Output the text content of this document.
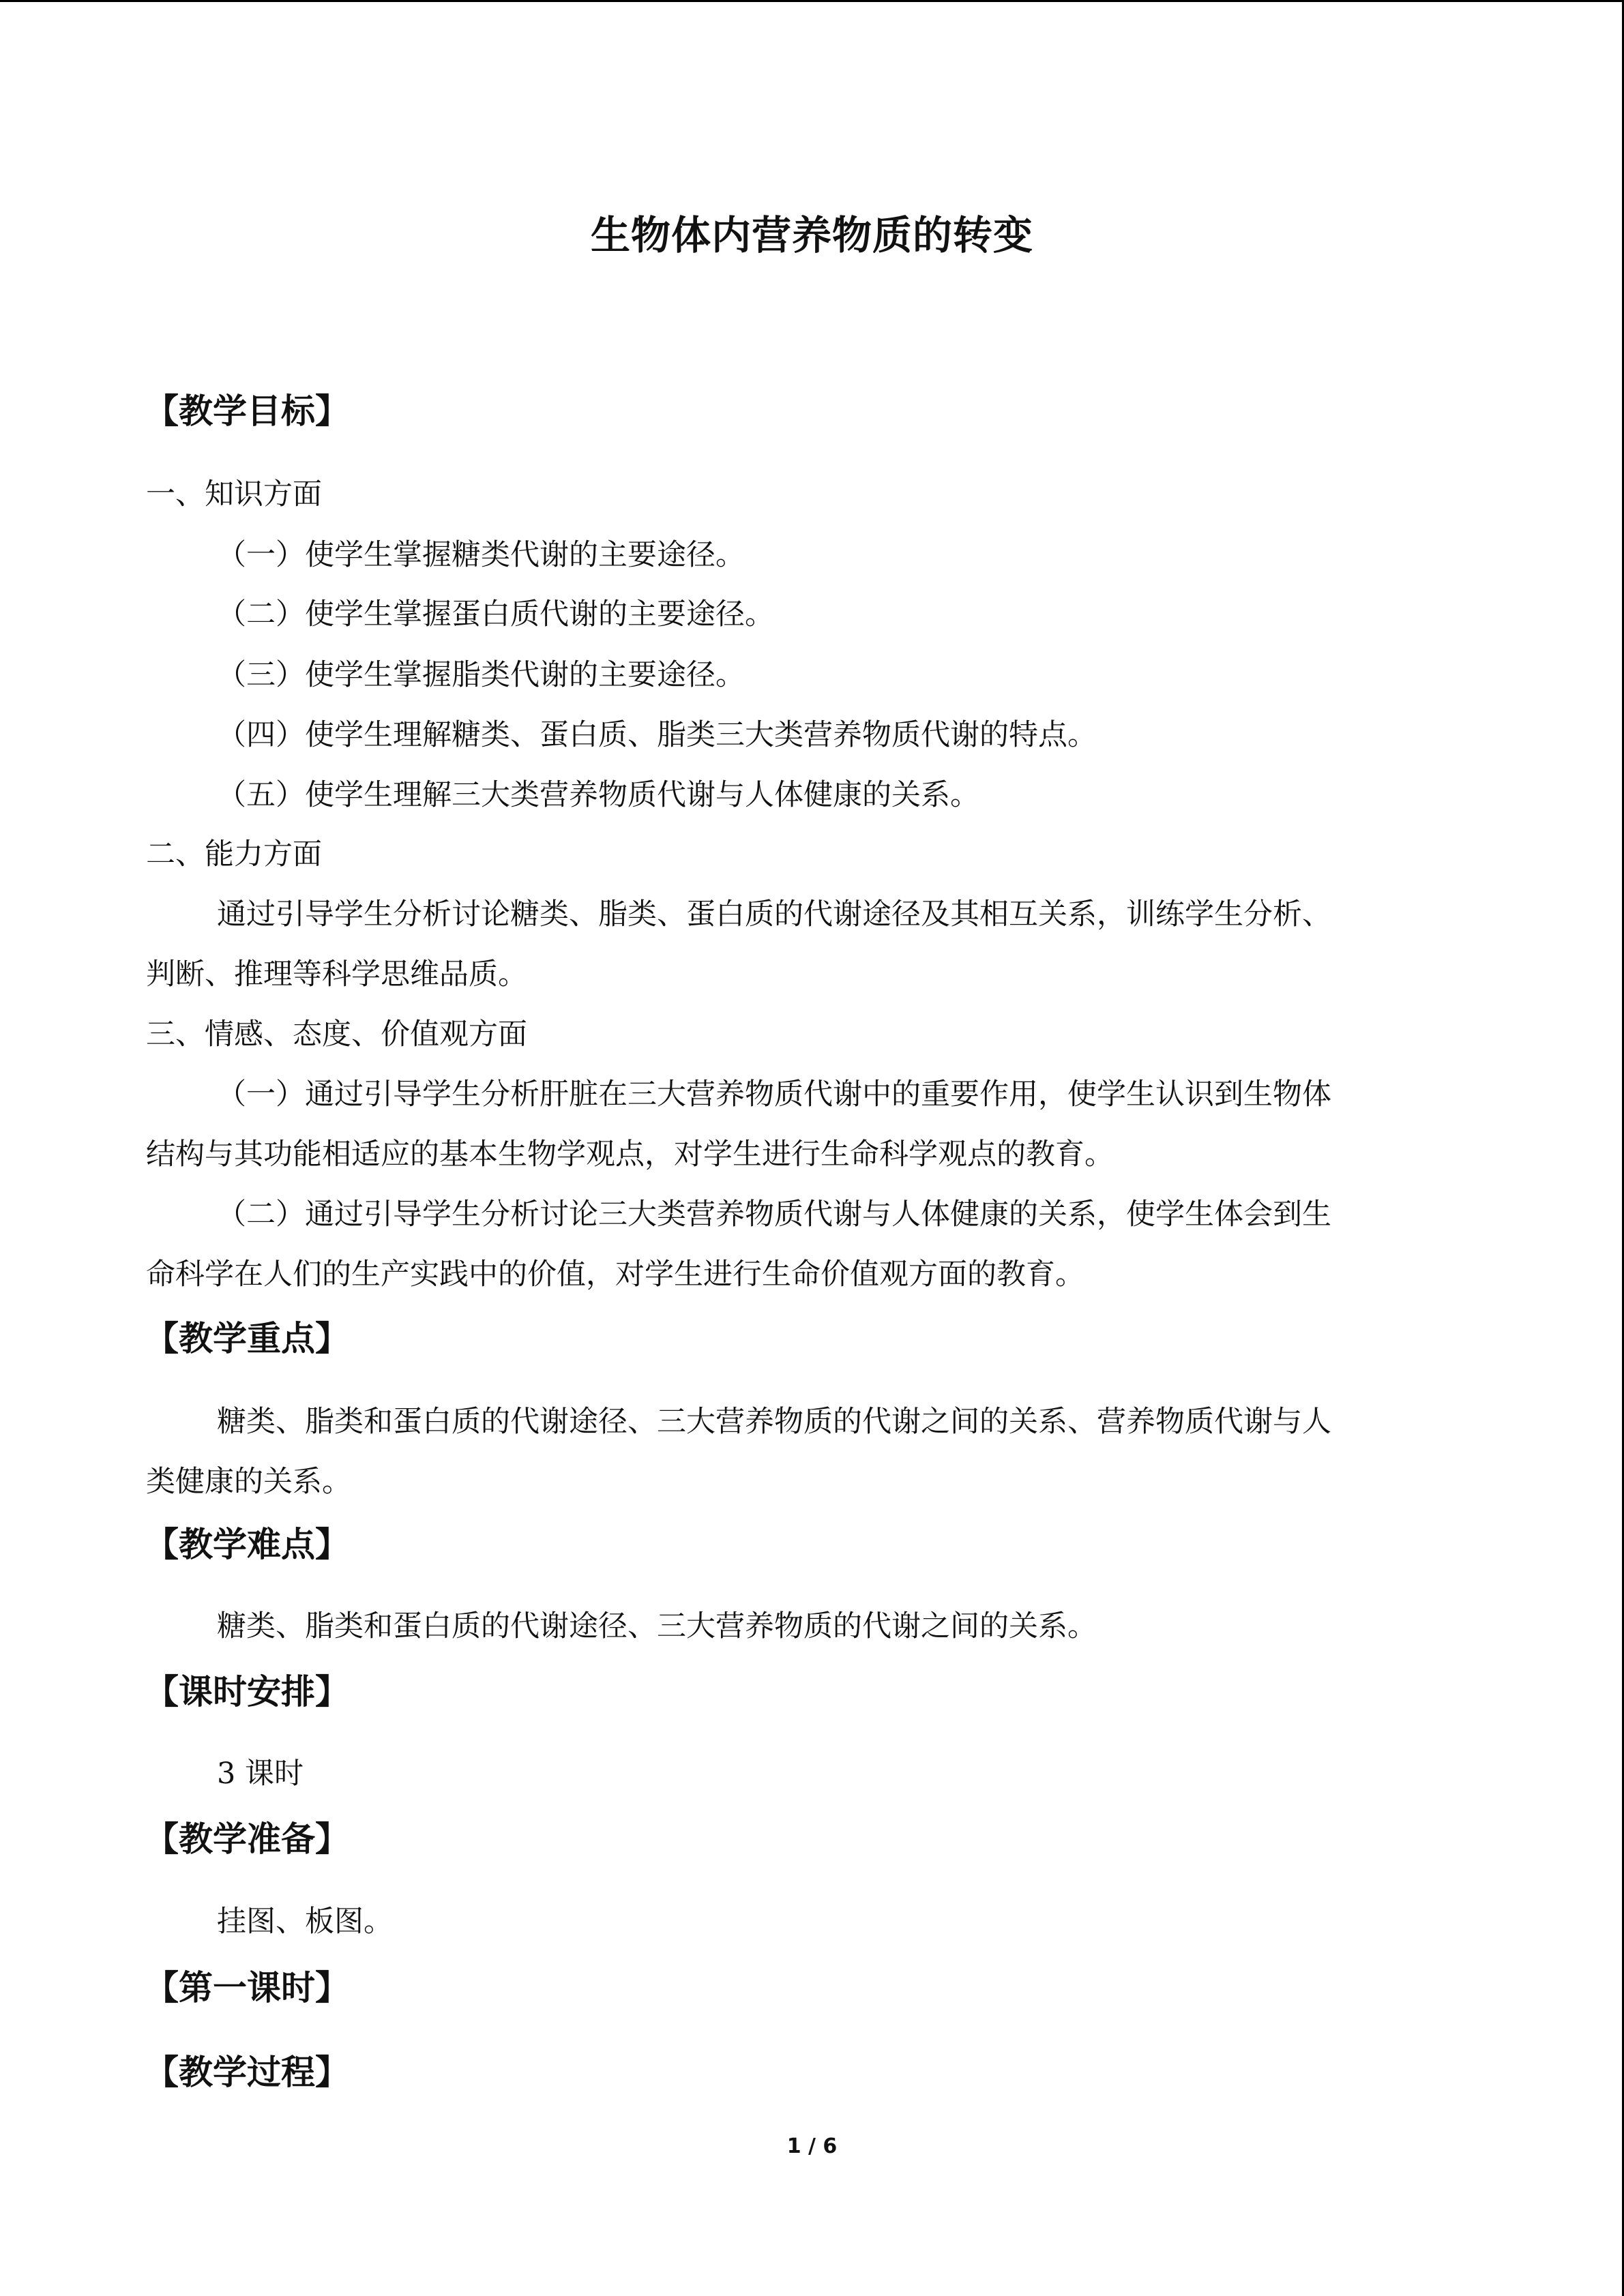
生物体内营养物质的转变
【教学目标】
一、知识方面
（一）使学生掌握糖类代谢的主要途径。
（二）使学生掌握蛋白质代谢的主要途径。
（三）使学生掌握脂类代谢的主要途径。
（四）使学生理解糖类、蛋白质、脂类三大类营养物质代谢的特点。
（五）使学生理解三大类营养物质代谢与人体健康的关系。
二、能力方面
通过引导学生分析讨论糖类、脂类、蛋白质的代谢途径及其相互关系，训练学生分析、
判断、推理等科学思维品质。
三、情感、态度、价值观方面
（一）通过引导学生分析肝脏在三大营养物质代谢中的重要作用，使学生认识到生物体
结构与其功能相适应的基本生物学观点，对学生进行生命科学观点的教育。
（二）通过引导学生分析讨论三大类营养物质代谢与人体健康的关系，使学生体会到生
命科学在人们的生产实践中的价值，对学生进行生命价值观方面的教育。
【教学重点】
糖类、脂类和蛋白质的代谢途径、三大营养物质的代谢之间的关系、营养物质代谢与人
类健康的关系。
【教学难点】
糖类、脂类和蛋白质的代谢途径、三大营养物质的代谢之间的关系。
【课时安排】
3 课时
【教学准备】
挂图、板图。
【第一课时】
【教学过程】
1 / 6
